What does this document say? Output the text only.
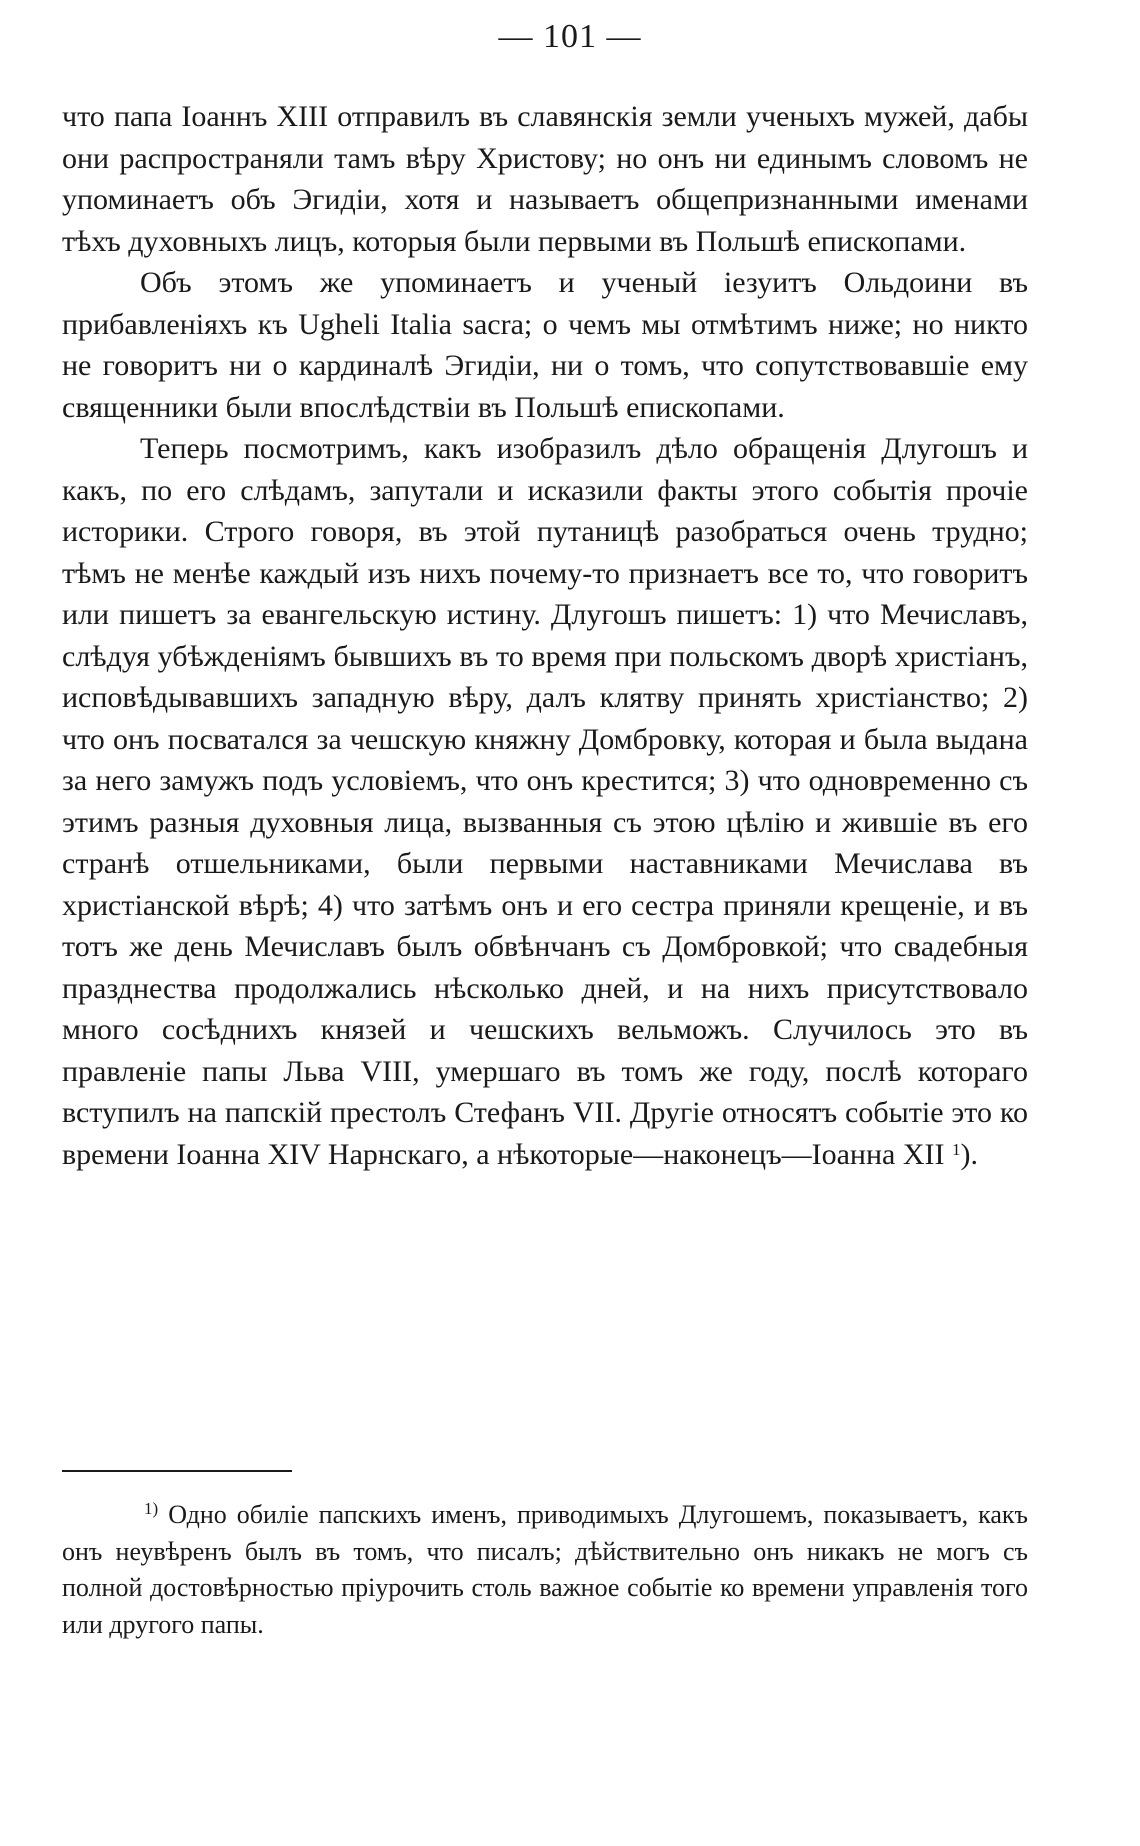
— 101 —

что папа Іоаннъ XIII отправилъ въ славянскія земли ученыхъ мужей, дабы они распространяли тамъ вѣру Христову; но онъ ни единымъ словомъ не упоминаетъ объ Эгидіи, хотя и называетъ общепризнанными именами тѣхъ духовныхъ лицъ, которыя были первыми въ Польшѣ епископами.

Объ этомъ же упоминаетъ и ученый іезуитъ Ольдоини въ прибавленіяхъ къ Ughelі Italia sacra; о чемъ мы отмѣтимъ ниже; но никто не говоритъ ни о кардиналѣ Эгидіи, ни о томъ, что сопутствовавшіе ему священники были впослѣдствіи въ Польшѣ епископами.

Теперь посмотримъ, какъ изобразилъ дѣло обращенія Длугошъ и какъ, по его слѣдамъ, запутали и исказили факты этого событія прочіе историки. Строго говоря, въ этой путаницѣ разобраться очень трудно; тѣмъ не менѣе каждый изъ нихъ почему-то признаетъ все то, что говоритъ или пишетъ за евангельскую истину. Длугошъ пишетъ: 1) что Мечиславъ, слѣдуя убѣжденіямъ бывшихъ въ то время при польскомъ дворѣ христіанъ, исповѣдывавшихъ западную вѣру, далъ клятву принять христіанство; 2) что онъ посватался за чешскую княжну Домбровку, которая и была выдана за него замужъ подъ условіемъ, что онъ крестится; 3) что одновременно съ этимъ разныя духовныя лица, вызванныя съ этою цѣлію и жившіе въ его странѣ отшельниками, были первыми наставниками Мечислава въ христіанской вѣрѣ; 4) что затѣмъ онъ и его сестра приняли крещеніе, и въ тотъ же день Мечиславъ былъ обвѣнчанъ съ Домбровкой; что свадебныя празднества продолжались нѣсколько дней, и на нихъ присутствовало много сосѣднихъ князей и чешскихъ вельможъ. Случилось это въ правленіе папы Льва VIII, умершаго въ томъ же году, послѣ котораго вступилъ на папскій престолъ Стефанъ VII. Другіе относятъ событіе это ко времени Іоанна XIV Нарнскаго, а нѣкоторые—наконецъ—Іоанна XII $^1$).

$^{1)}$ Одно обиліе папскихъ именъ, приводимыхъ Длугошемъ, показываетъ, какъ онъ неувѣренъ былъ въ томъ, что писалъ; дѣйствительно онъ никакъ не могъ съ полной достовѣрностью пріурочить столь важное событіе ко времени управленія того или другого папы.
